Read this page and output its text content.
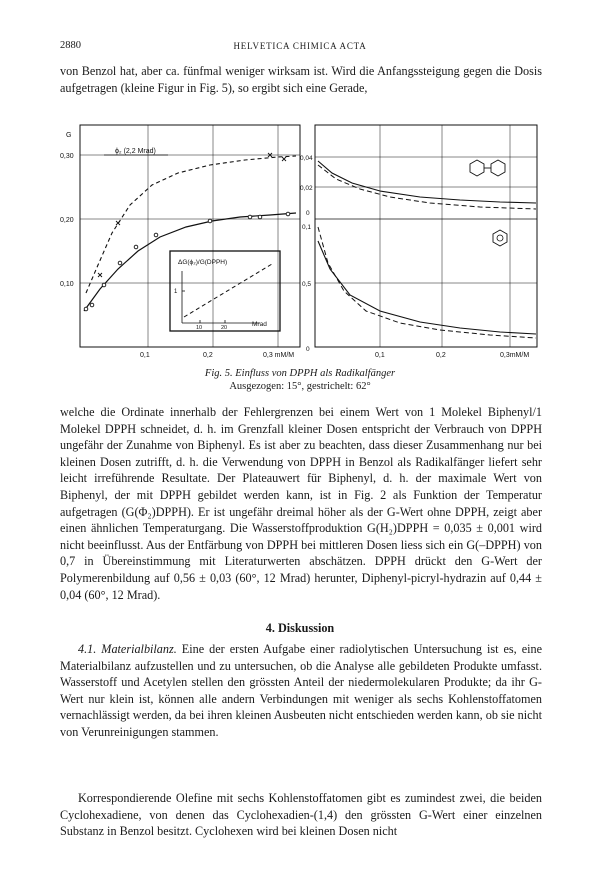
2880	HELVETICA CHIMICA ACTA

von Benzol hat, aber ca. fünfmal weniger wirksam ist. Wird die Anfangssteigung gegen die Dosis aufgetragen (kleine Figur in Fig. 5), so ergibt sich eine Gerade,

G
0,30
0,20
0,10
0,1	0,2	0,3 mM/M
ϕ₂ (2,2 Mrad)
ΔG(ϕ₂)/G(DPPH)
1
10	20	Mrad
0,04
0,02
0
0,1
0,5
0
0,1	0,2	0,3mM/M
Fig. 5. Einfluss von DPPH als Radikalfänger
Ausgezogen: 15°, gestrichelt: 62°

welche die Ordinate innerhalb der Fehlergrenzen bei einem Wert von 1 Molekel Biphenyl/1 Molekel DPPH schneidet, d. h. im Grenzfall kleiner Dosen entspricht der Verbrauch von DPPH ungefähr der Zunahme von Biphenyl. Es ist aber zu beachten, dass dieser Zusammenhang nur bei kleinen Dosen zutrifft, d. h. die Verwendung von DPPH in Benzol als Radikalfänger liefert sehr leicht irreführende Resultate. Der Plateauwert für Biphenyl, d. h. der maximale Wert von Biphenyl, der mit DPPH gebildet werden kann, ist in Fig. 2 als Funktion der Temperatur aufgetragen (G(Φ₂)DPPH). Er ist ungefähr dreimal höher als der G-Wert ohne DPPH, zeigt aber einen ähnlichen Temperaturgang. Die Wasserstoffproduktion G(H₂)DPPH = 0,035 ± 0,001 wird nicht beeinflusst. Aus der Entfärbung von DPPH bei mittleren Dosen liess sich ein G(–DPPH) von 0,7 in Übereinstimmung mit Literaturwerten abschätzen. DPPH drückt den G-Wert der Polymerenbildung auf 0,56 ± 0,03 (60°, 12 Mrad) herunter, Diphenyl-picryl-hydrazin auf 0,44 ± 0,04 (60°, 12 Mrad).

4. Diskussion

4.1. Materialbilanz. Eine der ersten Aufgabe einer radiolytischen Untersuchung ist es, eine Materialbilanz aufzustellen und zu untersuchen, ob die Analyse alle gebildeten Produkte umfasst. Wasserstoff und Acetylen stellen den grössten Anteil der niedermolekularen Produkte; da ihr G-Wert nur klein ist, können alle andern Verbindungen mit weniger als sechs Kohlenstoffatomen vernachlässigt werden, da bei ihren kleinen Ausbeuten nicht entschieden werden kann, ob sie nicht von Verunreinigungen stammen.

Korrespondierende Olefine mit sechs Kohlenstoffatomen gibt es zumindest zwei, die beiden Cyclohexadiene, von denen das Cyclohexadien-(1,4) den grössten G-Wert einer einzelnen Substanz in Benzol besitzt. Cyclohexen wird bei kleinen Dosen nicht
